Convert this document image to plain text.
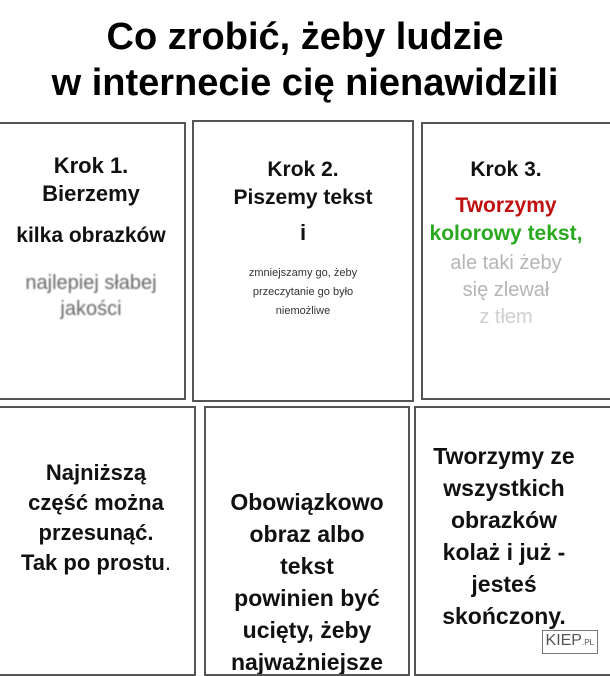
Co zrobić, żeby ludzie
w internecie cię nienawidzili
Krok 1.
Bierzemy
kilka obrazków
najlepiej słabej
jakości
Krok 2.
Piszemy tekst
i
zmniejszamy go, żeby
przeczytanie go było
niemożliwe
Krok 3.
Tworzymy
kolorowy tekst,
ale taki żeby
się zlewał
z tłem
Najniższą
część można
przesunąć.
Tak po prostu.
Obowiązkowo
obraz albo
tekst
powinien być
ucięty, żeby
najważniejsze
Tworzymy ze
wszystkich
obrazków
kolaż i już -
jesteś
skończony.
KIEP.PL
